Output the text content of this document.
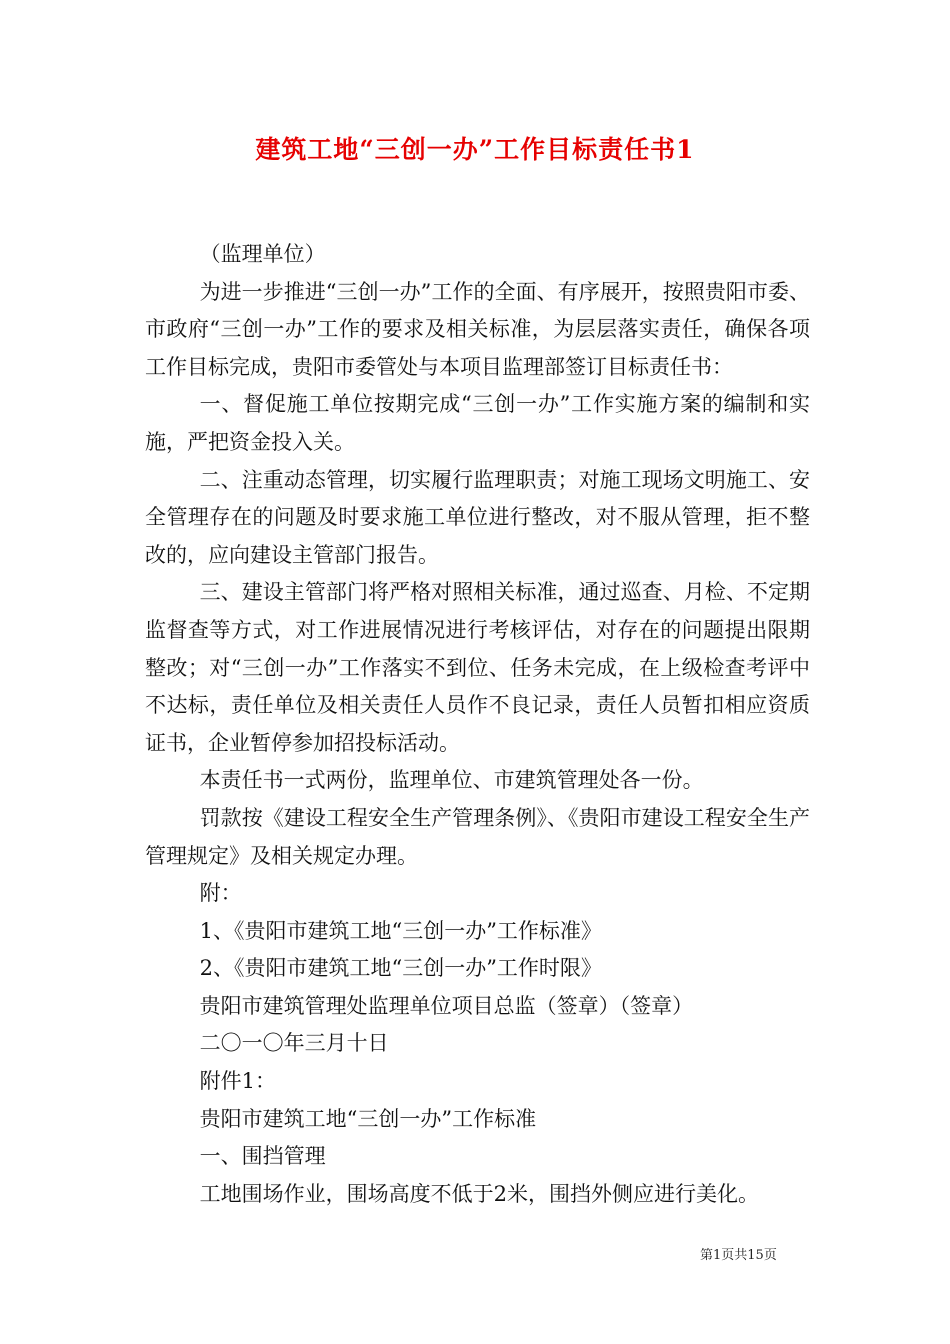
建筑工地“三创一办”工作目标责任书1

（监理单位）

为进一步推进“三创一办”工作的全面、有序展开，按照贵阳市委、市政府“三创一办”工作的要求及相关标准，为层层落实责任，确保各项工作目标完成，贵阳市委管处与本项目监理部签订目标责任书：

一、督促施工单位按期完成“三创一办”工作实施方案的编制和实施，严把资金投入关。

二、注重动态管理，切实履行监理职责；对施工现场文明施工、安全管理存在的问题及时要求施工单位进行整改，对不服从管理，拒不整改的，应向建设主管部门报告。

三、建设主管部门将严格对照相关标准，通过巡查、月检、不定期监督查等方式，对工作进展情况进行考核评估，对存在的问题提出限期整改；对“三创一办”工作落实不到位、任务未完成，在上级检查考评中不达标，责任单位及相关责任人员作不良记录，责任人员暂扣相应资质证书，企业暂停参加招投标活动。

本责任书一式两份，监理单位、市建筑管理处各一份。

罚款按《建设工程安全生产管理条例》、《贵阳市建设工程安全生产管理规定》及相关规定办理。

附：

1、《贵阳市建筑工地“三创一办”工作标准》

2、《贵阳市建筑工地“三创一办”工作时限》

贵阳市建筑管理处监理单位项目总监（签章）（签章）

二〇一〇年三月十日

附件1：

贵阳市建筑工地“三创一办”工作标准

一、围挡管理

工地围场作业，围场高度不低于2米，围挡外侧应进行美化。

第1页共15页
